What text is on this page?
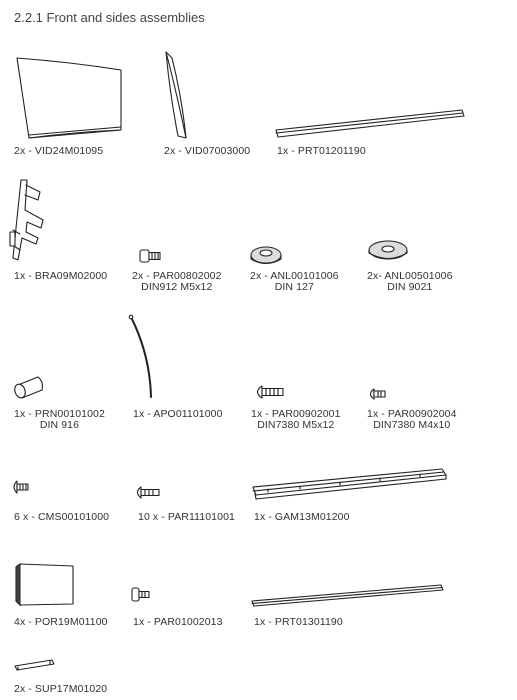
2.2.1 Front and sides assemblies
2x - VID24M01095	2x - VID07003000	1x - PRT01201190
1x - BRA09M02000 2x - PAR00802002
DIN912 M5x12
2x - ANL00101006
DIN 127
2x- ANL00501006
DIN 9021
1x - PRN00101002
DIN 916
1x - APO01101000	1x - PAR00902001
DIN7380 M5x12
1x - PAR00902004
DIN7380 M4x10
6 x - CMS00101000	10 x - PAR11101001 1x - GAM13M01200
4x - POR19M01100 1x - PAR01002013	1x - PRT01301190
2x - SUP17M01020
